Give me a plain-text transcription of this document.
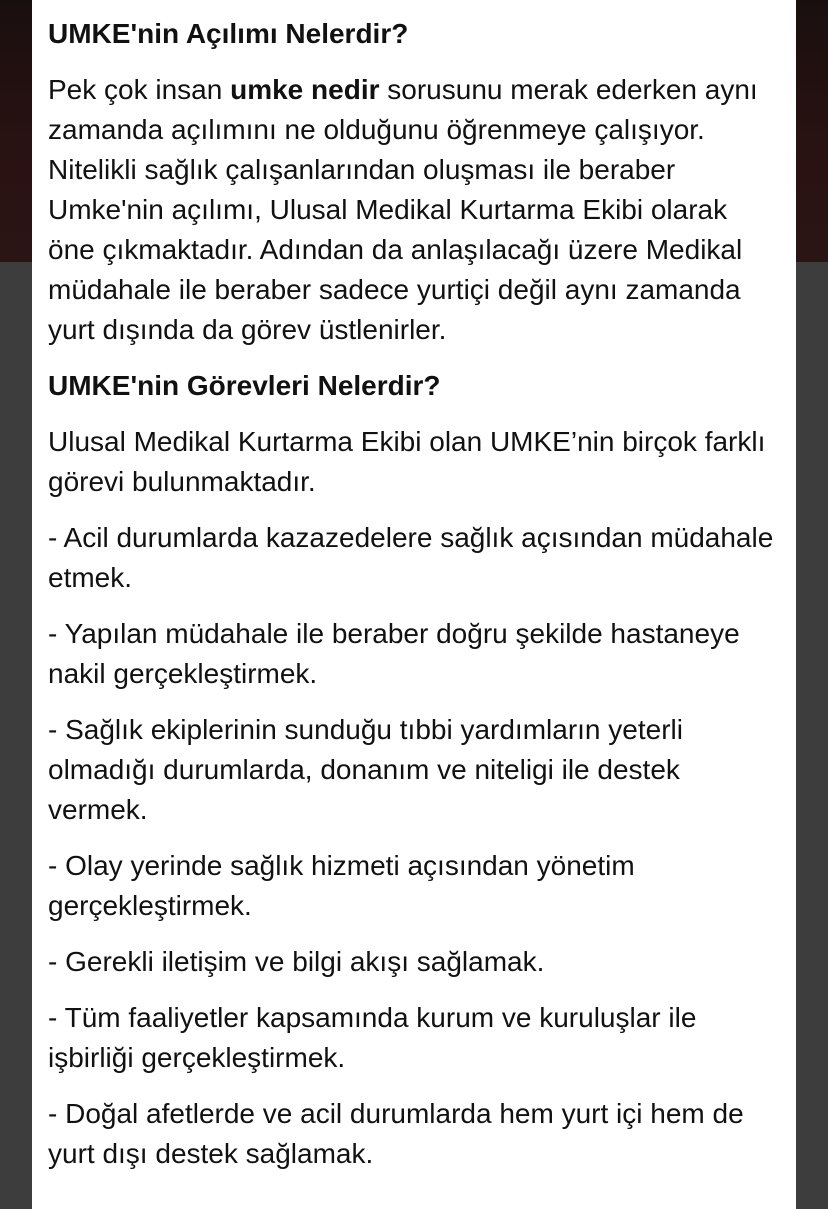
UMKE'nin Açılımı Nelerdir?

Pek çok insan umke nedir sorusunu merak ederken aynı zamanda açılımını ne olduğunu öğrenmeye çalışıyor. Nitelikli sağlık çalışanlarından oluşması ile beraber Umke'nin açılımı, Ulusal Medikal Kurtarma Ekibi olarak öne çıkmaktadır. Adından da anlaşılacağı üzere Medikal müdahale ile beraber sadece yurtiçi değil aynı zamanda yurt dışında da görev üstlenirler.

UMKE'nin Görevleri Nelerdir?

Ulusal Medikal Kurtarma Ekibi olan UMKE’nin birçok farklı görevi bulunmaktadır.

- Acil durumlarda kazazedelere sağlık açısından müdahale etmek.

- Yapılan müdahale ile beraber doğru şekilde hastaneye nakil gerçekleştirmek.

- Sağlık ekiplerinin sunduğu tıbbi yardımların yeterli olmadığı durumlarda, donanım ve niteligi ile destek vermek.

- Olay yerinde sağlık hizmeti açısından yönetim gerçekleştirmek.

- Gerekli iletişim ve bilgi akışı sağlamak.

- Tüm faaliyetler kapsamında kurum ve kuruluşlar ile işbirliği gerçekleştirmek.

- Doğal afetlerde ve acil durumlarda hem yurt içi hem de yurt dışı destek sağlamak.
